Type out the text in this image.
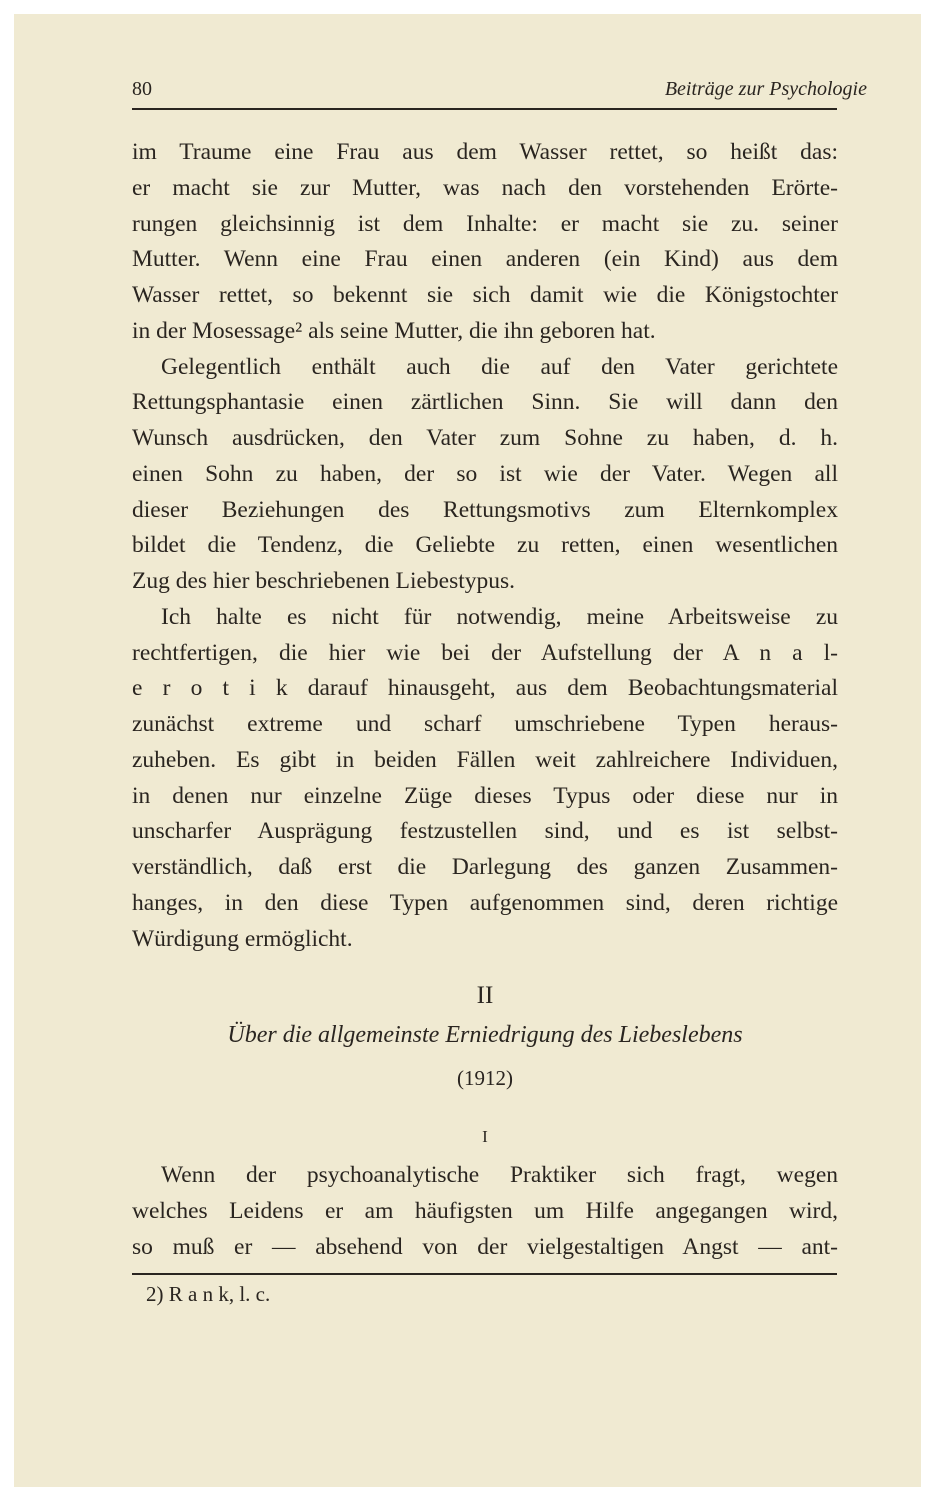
80	Beiträge zur Psychologie
im Traume eine Frau aus dem Wasser rettet, so heißt das:
er macht sie zur Mutter, was nach den vorstehenden Erörte-
rungen gleichsinnig ist dem Inhalte: er macht sie zu. seiner
Mutter. Wenn eine Frau einen anderen (ein Kind) aus dem
Wasser rettet, so bekennt sie sich damit wie die Königstochter
in der Mosessage² als seine Mutter, die ihn geboren hat.
Gelegentlich enthält auch die auf den Vater gerichtete
Rettungsphantasie einen zärtlichen Sinn. Sie will dann den
Wunsch ausdrücken, den Vater zum Sohne zu haben, d. h.
einen Sohn zu haben, der so ist wie der Vater. Wegen all
dieser Beziehungen des Rettungsmotivs zum Elternkomplex
bildet die Tendenz, die Geliebte zu retten, einen wesentlichen
Zug des hier beschriebenen Liebestypus.
Ich halte es nicht für notwendig, meine Arbeitsweise zu
rechtfertigen, die hier wie bei der Aufstellung der A n a l-
e r o t i k darauf hinausgeht, aus dem Beobachtungsmaterial
zunächst extreme und scharf umschriebene Typen heraus-
zuheben. Es gibt in beiden Fällen weit zahlreichere Individuen,
in denen nur einzelne Züge dieses Typus oder diese nur in
unscharfer Ausprägung festzustellen sind, und es ist selbst-
verständlich, daß erst die Darlegung des ganzen Zusammen-
hanges, in den diese Typen aufgenommen sind, deren richtige
Würdigung ermöglicht.
II
Über die allgemeinste Erniedrigung des Liebeslebens
(1912)
I
Wenn der psychoanalytische Praktiker sich fragt, wegen
welches Leidens er am häufigsten um Hilfe angegangen wird,
so muß er — absehend von der vielgestaltigen Angst — ant-
2) R a n k, l. c.
